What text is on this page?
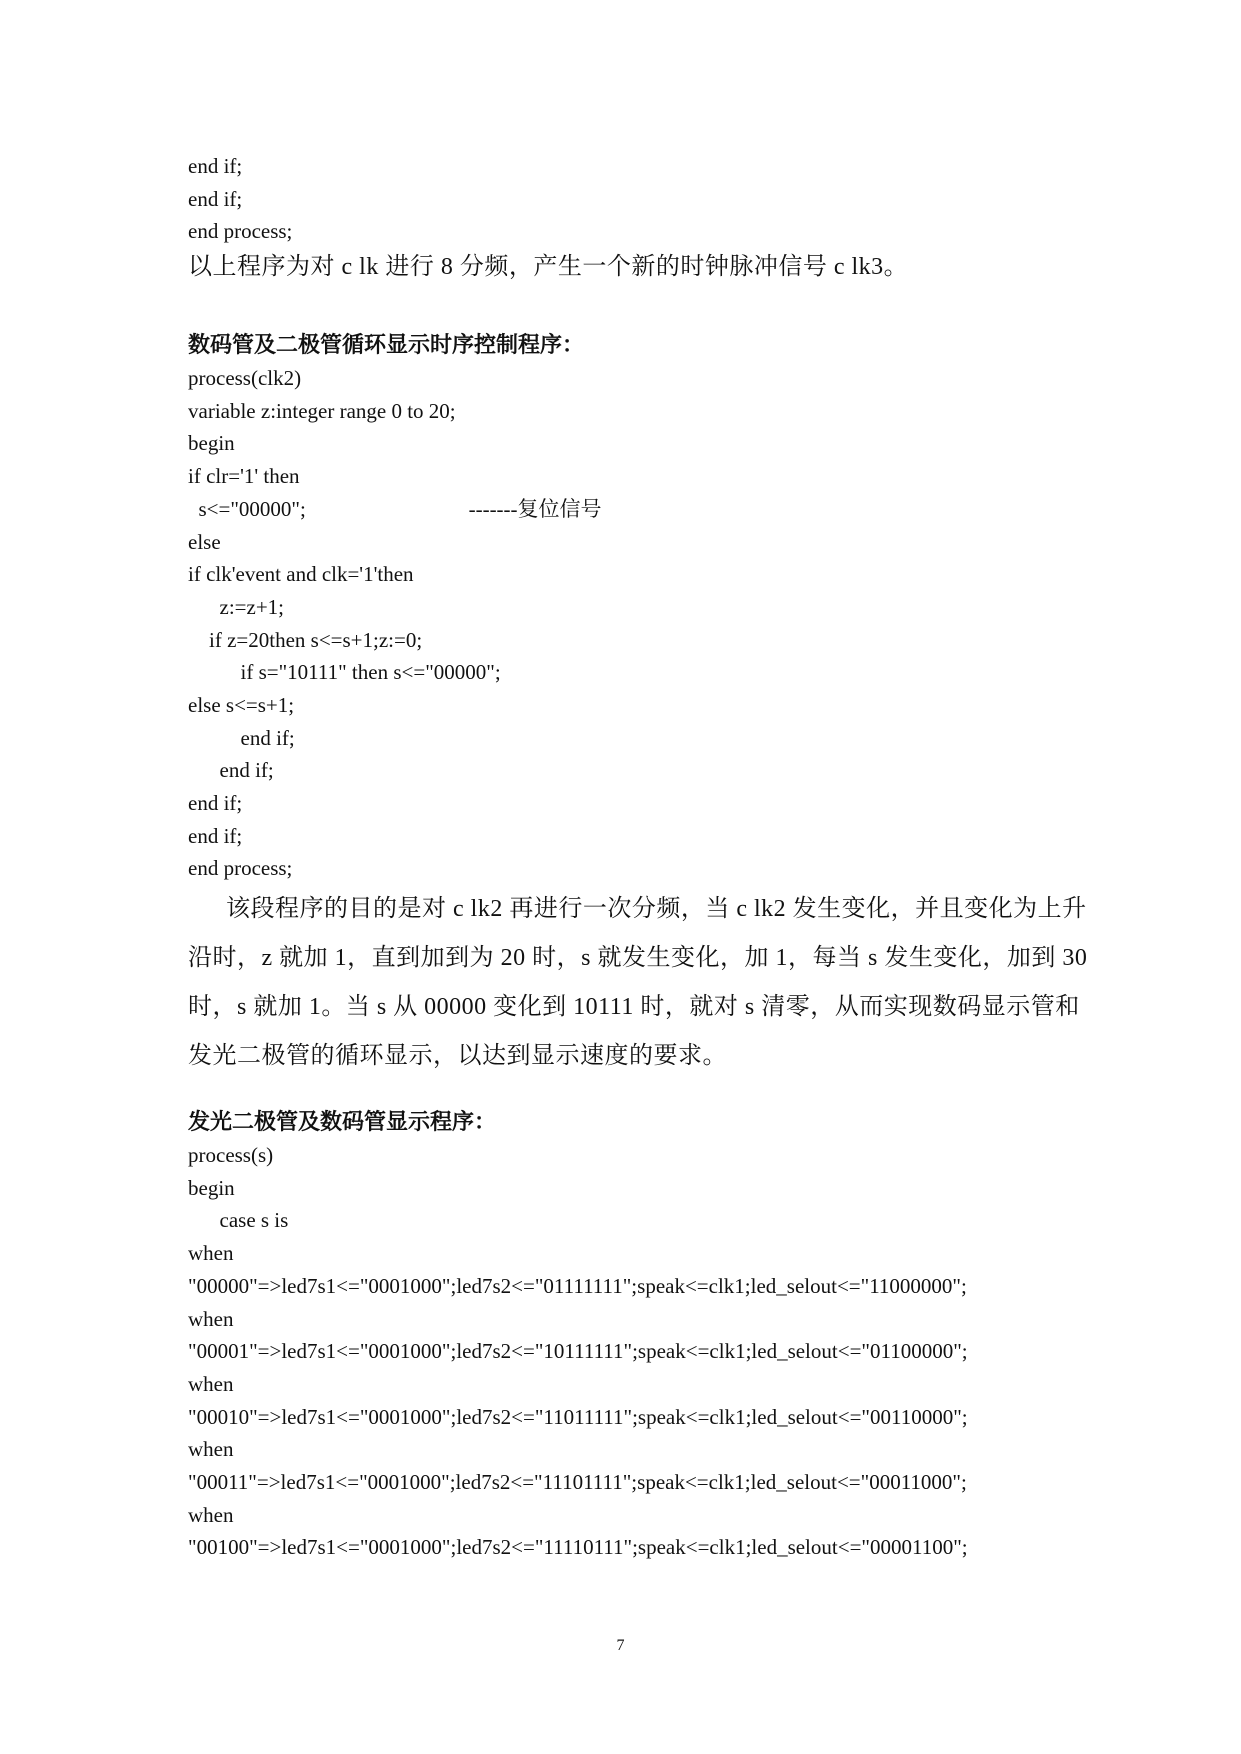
end if;
end if;
end process;
以上程序为对 c lk 进行 8 分频，产生一个新的时钟脉冲信号 c lk3。
数码管及二极管循环显示时序控制程序：
process(clk2)
variable z:integer range 0 to 20;
begin
if clr='1' then
s<="00000";                               -------复位信号
else
if clk'event and clk='1'then
z:=z+1;
if z=20then s<=s+1;z:=0;
if s="10111" then s<="00000";
else s<=s+1;
end if;
end if;
end if;
end if;
end process;
该段程序的目的是对 c lk2 再进行一次分频，当 c lk2 发生变化，并且变化为上升沿时，z 就加 1，直到加到为 20 时，s 就发生变化，加 1，每当 s 发生变化，加到 30 时，s 就加 1。当 s 从 00000 变化到 10111 时，就对 s 清零，从而实现数码显示管和发光二极管的循环显示，以达到显示速度的要求。
发光二极管及数码管显示程序：
process(s)
begin
case s is
when
"00000"=>led7s1<="0001000";led7s2<="01111111";speak<=clk1;led_selout<="11000000";
when
"00001"=>led7s1<="0001000";led7s2<="10111111";speak<=clk1;led_selout<="01100000";
when
"00010"=>led7s1<="0001000";led7s2<="11011111";speak<=clk1;led_selout<="00110000";
when
"00011"=>led7s1<="0001000";led7s2<="11101111";speak<=clk1;led_selout<="00011000";
when
"00100"=>led7s1<="0001000";led7s2<="11110111";speak<=clk1;led_selout<="00001100";
7
